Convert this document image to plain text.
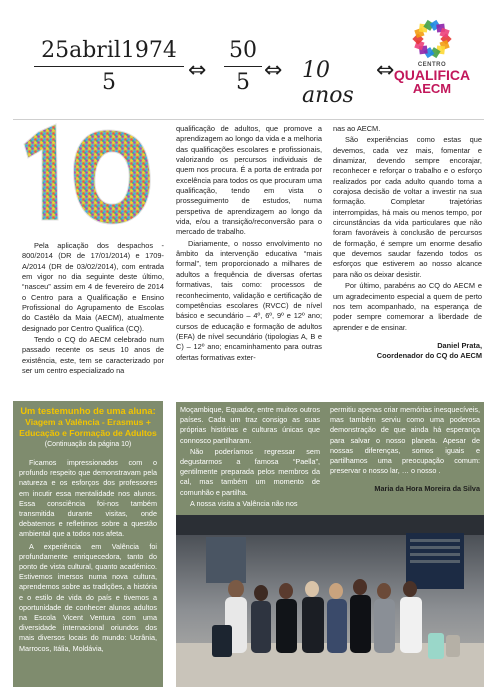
25abril1974
5	⇔ $\frac{50}{5}$ ⇔ 10 anos
⇔	CENTRO
QUALIFICA
AECM

Pela aplicação dos despachos - 800/2014 (DR de 17/01/2014) e 1709-A/2014 (DR de 03/02/2014), com entrada em vigor no dia seguinte deste último, “nasceu” assim em 4 de fevereiro de 2014 o Centro para a Qualificação e Ensino Profissional do Agrupamento de Escolas do Castêlo da Maia (AECM), atualmente designado por Centro Qualifica (CQ).

Tendo o CQ do AECM celebrado num passado recente os seus 10 anos de existência, este, tem se caracterizado por ser um centro especializado na

qualificação de adultos, que promove a aprendizagem ao longo da vida e a melhoria das qualificações escolares e profissionais, valorizando os percursos individuais de quem nos procura. É a porta de entrada por excelência para todos os que procuram uma qualificação, tendo em vista o prosseguimento de estudos, numa perspetiva de aprendizagem ao longo da vida, e/ou a transição/reconversão para o mercado de trabalho.

Diariamente, o nosso envolvimento no âmbito da intervenção educativa “mais formal”, tem proporcionado a milhares de adultos a frequência de diversas ofertas formativas, tais como: processos de reconhecimento, validação e certificação de competências escolares (RVCC) de nível básico e secundário – 4º, 6º, 9º e 12º ano; cursos de educação e formação de adultos (EFA) de nível secundário (tipologias A, B e C) – 12º ano; encaminhamento para outras ofertas formativas exter-

nas ao AECM.

São experiências como estas que devemos, cada vez mais, fomentar e dinamizar, devendo sempre encorajar, reconhecer e reforçar o trabalho e o esforço realizados por cada adulto quando toma a corajosa decisão de voltar a investir na sua formação. Completar trajetórias interrompidas, há mais ou menos tempo, por circunstâncias da vida particulares que não foram favoráveis à conclusão de percursos de formação, é sempre um enorme desafio que devemos saudar fazendo todos os esforços que estiverem ao nosso alcance para não os deixar desistir.

Por último, parabéns ao CQ do AECM e um agradecimento especial a quem de perto nos tem acompanhado, na esperança de poder sempre comemorar a liberdade de aprender e de ensinar.

Daniel Prata,
Coordenador do CQ do AECM
Um testemunho de uma aluna:
Viagem a Valência - Erasmus + Educação e Formação de Adultos
(Continuação da página 10)

Ficamos impressionados com o profundo respeito que demonstravam pela natureza e os esforços dos professores em incutir essa mentalidade nos alunos. Essa consciência foi-nos também transmitida durante visitas, onde debatemos e refletimos sobre a questão ambiental que a todos nos afeta.

A experiência em Valência foi profundamente enriquecedora, tanto do ponto de vista cultural, quanto académico. Estivemos imersos numa nova cultura, aprendemos sobre as tradições, a história e o estilo de vida do país e tivemos a oportunidade de conhecer alunos adultos na Escola Vicent Ventura com uma diversidade internacional oriundos dos mais diversos locais do mundo: Ucrânia, Marrocos, Itália, Moldávia,

Moçambique, Equador, entre muitos outros países. Cada um traz consigo as suas próprias histórias e culturas únicas que connosco partilharam.

Não poderíamos regressar sem degustarmos a famosa “Paella”, gentilmente preparada pelos membros da cal, mas também um momento de comunhão e partilha.

A nossa visita a Valência não nos

permitiu apenas criar memórias inesquecíveis, mas também serviu como uma poderosa demonstração de que ainda há esperança para salvar o nosso planeta. Apesar de nossas diferenças, somos iguais e partilhamos uma preocupação comum: preservar o nosso lar, … o nosso .
Maria da Hora Moreira da Silva
